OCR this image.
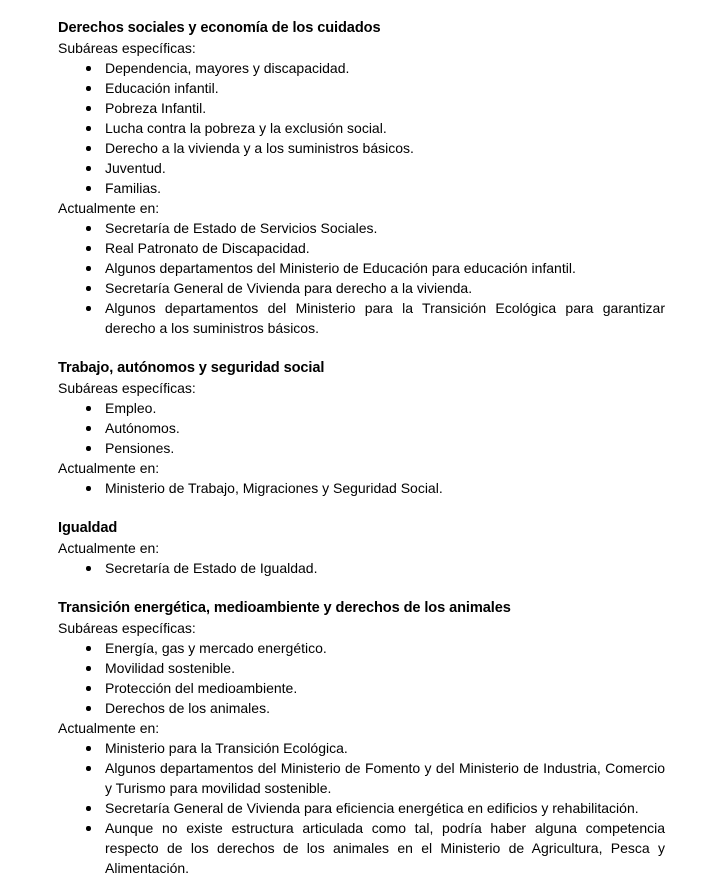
Derechos sociales y economía de los cuidados

Subáreas específicas:

Dependencia, mayores y discapacidad.
Educación infantil.
Pobreza Infantil.
Lucha contra la pobreza y la exclusión social.
Derecho a la vivienda y a los suministros básicos.
Juventud.
Familias.

Actualmente en:

Secretaría de Estado de Servicios Sociales.
Real Patronato de Discapacidad.
Algunos departamentos del Ministerio de Educación para educación infantil.
Secretaría General de Vivienda para derecho a la vivienda.
Algunos departamentos del Ministerio para la Transición Ecológica para garantizar derecho a los suministros básicos.
Trabajo, autónomos y seguridad social

Subáreas específicas:

Empleo.
Autónomos.
Pensiones.

Actualmente en:

Ministerio de Trabajo, Migraciones y Seguridad Social.
Igualdad

Actualmente en:

Secretaría de Estado de Igualdad.
Transición energética, medioambiente y derechos de los animales

Subáreas específicas:

Energía, gas y mercado energético.
Movilidad sostenible.
Protección del medioambiente.
Derechos de los animales.

Actualmente en:

Ministerio para la Transición Ecológica.
Algunos departamentos del Ministerio de Fomento y del Ministerio de Industria, Comercio y Turismo para movilidad sostenible.
Secretaría General de Vivienda para eficiencia energética en edificios y rehabilitación.
Aunque no existe estructura articulada como tal, podría haber alguna competencia respecto de los derechos de los animales en el Ministerio de Agricultura, Pesca y Alimentación.
